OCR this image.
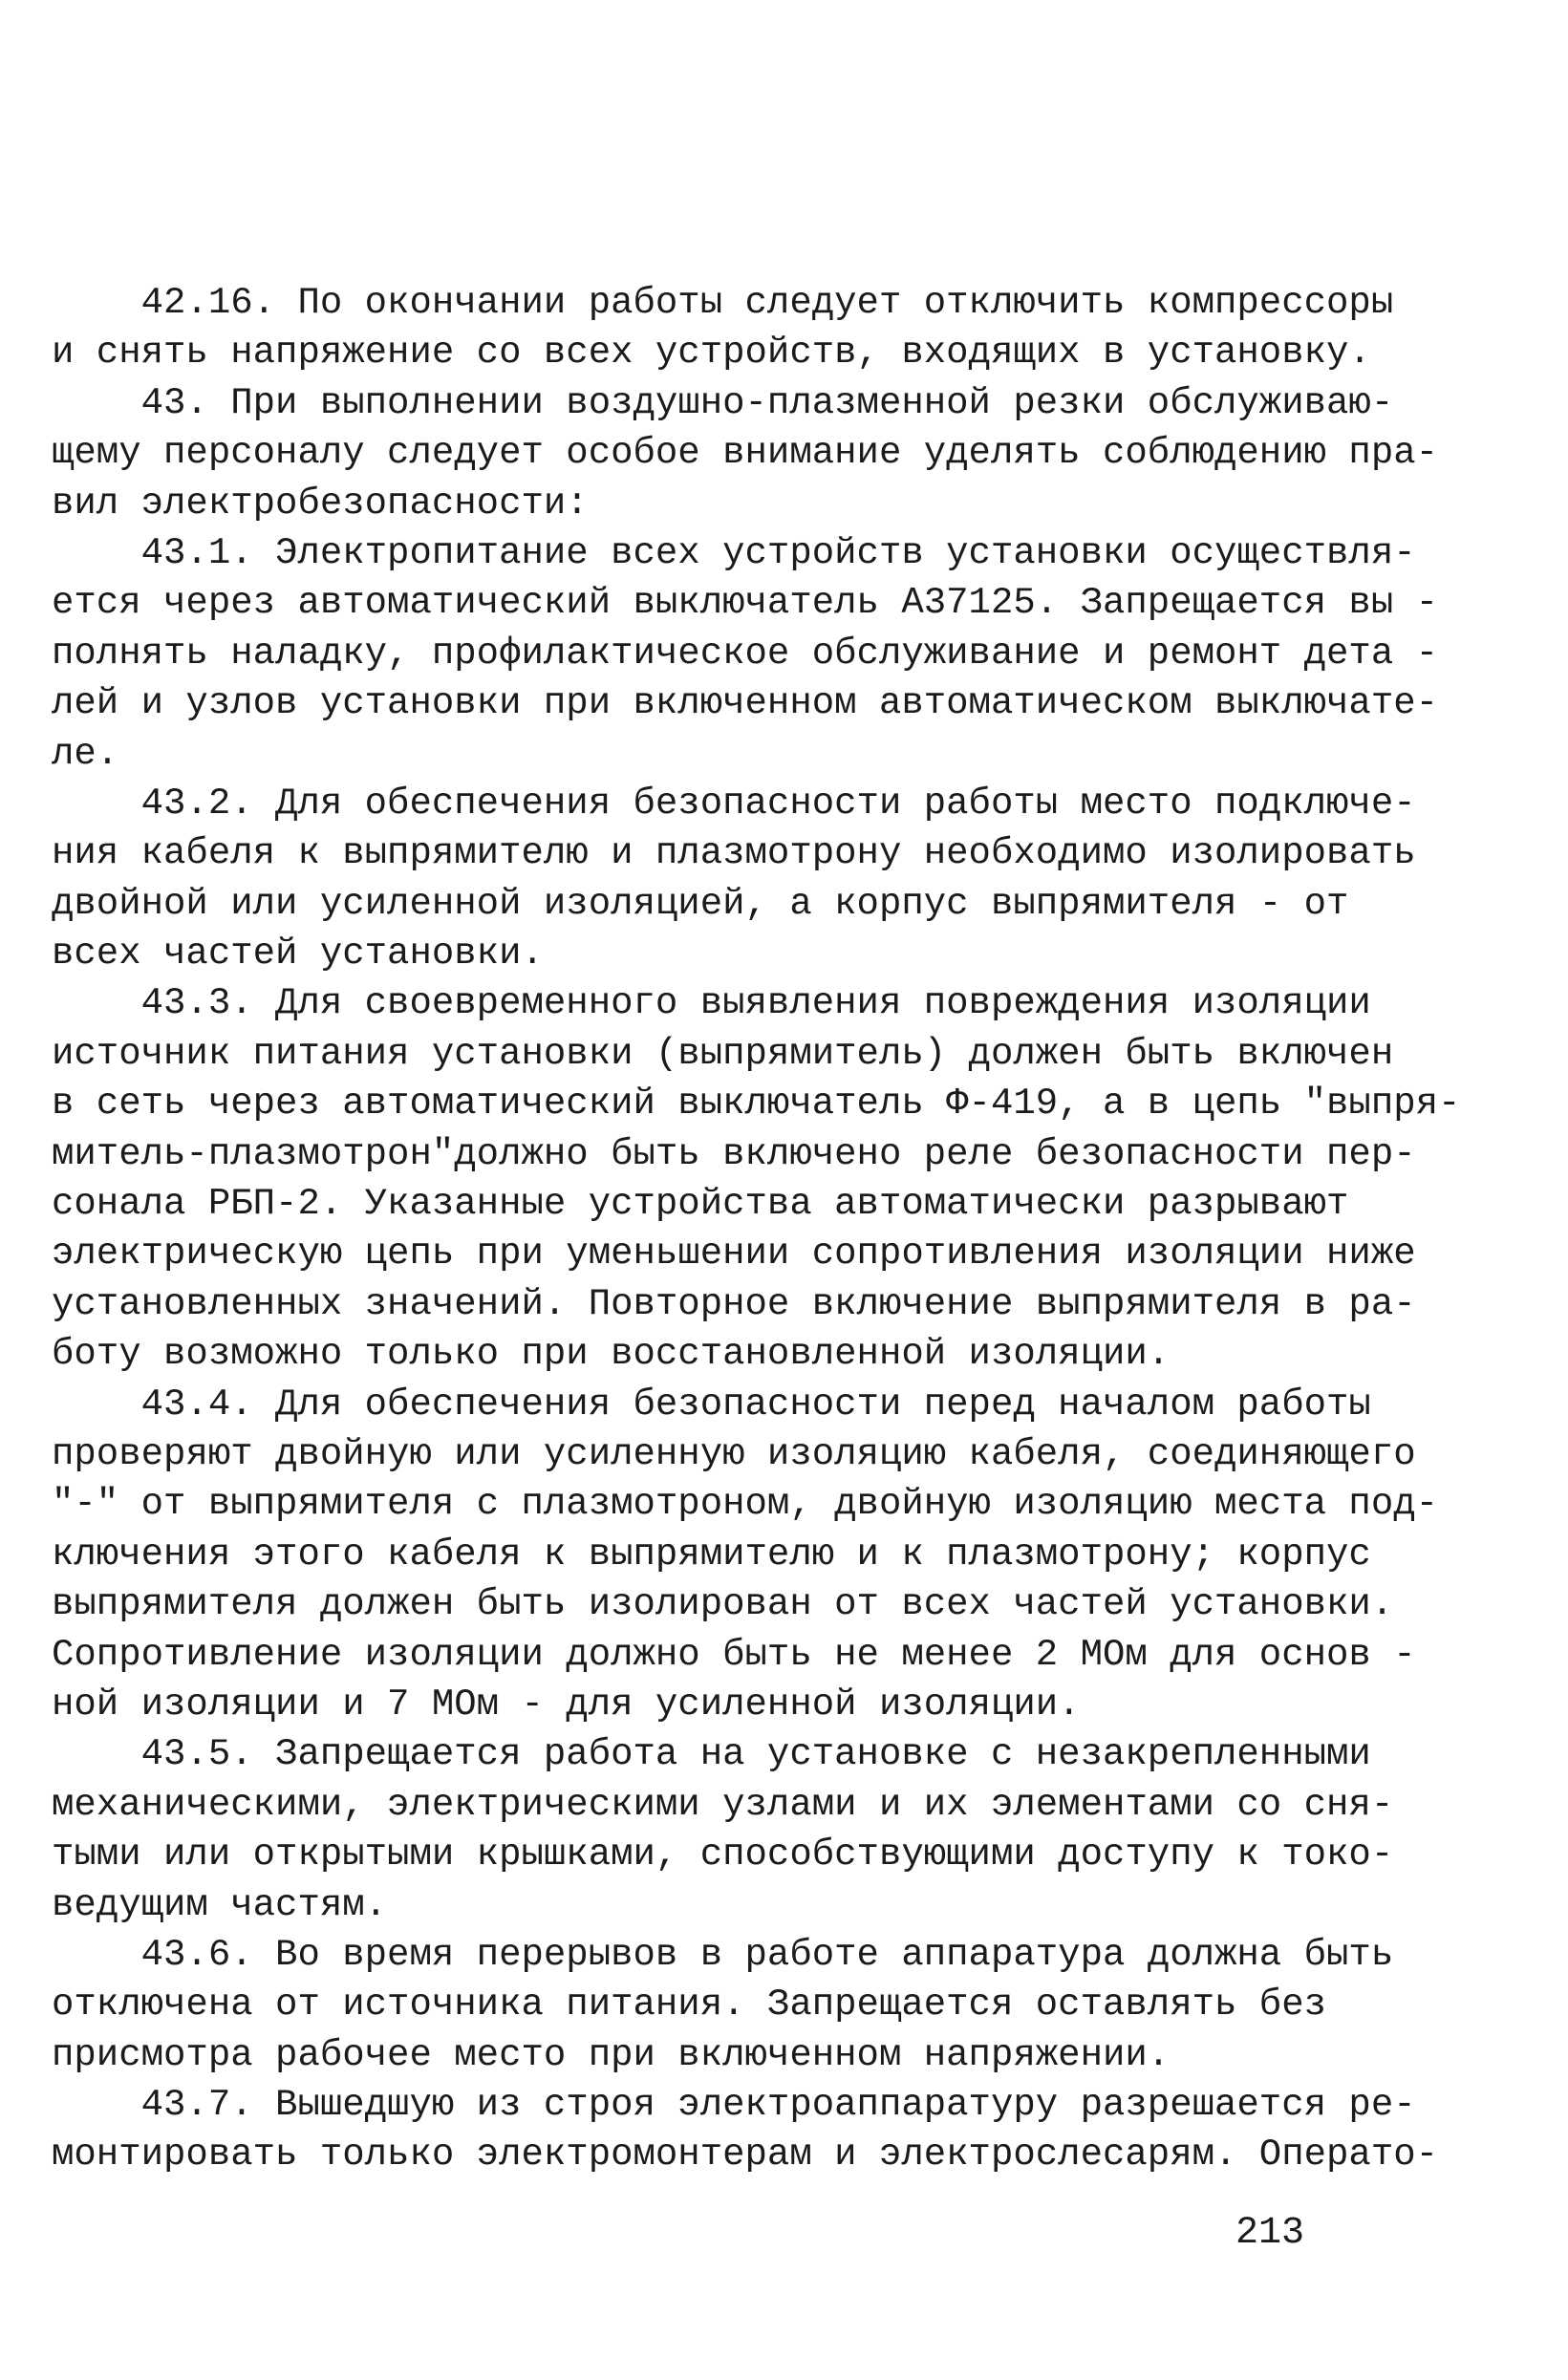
42.16. По окончании работы следует отключить компрессоры
и снять напряжение со всех устройств, входящих в установку.
43. При выполнении воздушно-плазменной резки обслуживаю-
щему персоналу следует особое внимание уделять соблюдению пра-
вил электробезопасности:
43.1. Электропитание всех устройств установки осуществля-
ется через автоматический выключатель А37125. Запрещается вы -
полнять наладку, профилактическое обслуживание и ремонт дета -
лей и узлов установки при включенном автоматическом выключате-
ле.
43.2. Для обеспечения безопасности работы место подключе-
ния кабеля к выпрямителю и плазмотрону необходимо изолировать
двойной или усиленной изоляцией, а корпус выпрямителя - от
всех частей установки.
43.3. Для своевременного выявления повреждения изоляции
источник питания установки (выпрямитель) должен быть включен
в сеть через автоматический выключатель Ф-419, а в цепь "выпря-
митель-плазмотрон"должно быть включено реле безопасности пер-
сонала РБП-2. Указанные устройства автоматически разрывают
электрическую цепь при уменьшении сопротивления изоляции ниже
установленных значений. Повторное включение выпрямителя в ра-
боту возможно только при восстановленной изоляции.
43.4. Для обеспечения безопасности перед началом работы
проверяют двойную или усиленную изоляцию кабеля, соединяющего
"-" от выпрямителя с плазмотроном, двойную изоляцию места под-
ключения этого кабеля к выпрямителю и к плазмотрону; корпус
выпрямителя должен быть изолирован от всех частей установки.
Сопротивление изоляции должно быть не менее 2 МОм для основ -
ной изоляции и 7 МОм - для усиленной изоляции.
43.5. Запрещается работа на установке с незакрепленными
механическими, электрическими узлами и их элементами со сня-
тыми или открытыми крышками, способствующими доступу к токо-
ведущим частям.
43.6. Во время перерывов в работе аппаратура должна быть
отключена от источника питания. Запрещается оставлять без
присмотра рабочее место при включенном напряжении.
43.7. Вышедшую из строя электроаппаратуру разрешается ре-
монтировать только электромонтерам и электрослесарям. Операто-
213
